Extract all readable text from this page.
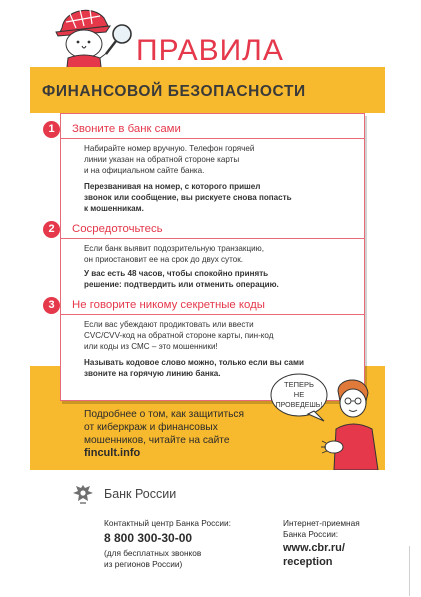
ПРАВИЛА
ФИНАНСОВОЙ БЕЗОПАСНОСТИ
1	Звоните в банк сами
Набирайте номер вручную. Телефон горячей
линии указан на обратной стороне карты
и на официальном сайте банка.
Перезванивая на номер, с которого пришел
звонок или сообщение, вы рискуете снова попасть
к мошенникам.
2	Сосредоточьтесь
Если банк выявит подозрительную транзакцию,
он приостановит ее на срок до двух суток.
У вас есть 48 часов, чтобы спокойно принять
решение: подтвердить или отменить операцию.
3	Не говорите никому секретные коды
Если вас убеждают продиктовать или ввести
CVC/CVV-код на обратной стороне карты, пин-код
или коды из СМС – это мошенники!
Называть кодовое слово можно, только если вы сами
звоните на горячую линию банка.
Подробнее о том, как защититься
от киберкраж и финансовых
мошенников, читайте на сайте
fincult.info
ТЕПЕРЬ
НЕ
ПРОВЕДЕШЬ!
Банк России
Контактный центр Банка России:
8 800 300-30-00
(для бесплатных звонков
из регионов России)
Интернет-приемная
Банка России:
www.cbr.ru/
reception
